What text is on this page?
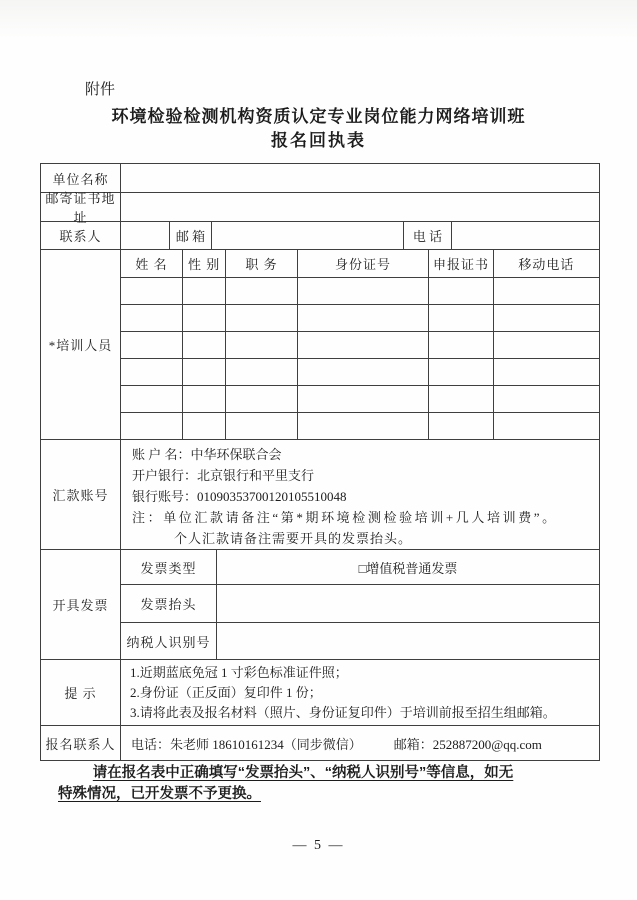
附件
环境检验检测机构资质认定专业岗位能力网络培训班
报名回执表
单位名称
邮寄证书地址
联系人	邮 箱	电 话
*培训人员
姓 名	性 别	职 务	身份证号	申报证书	移动电话
汇款账号
账 户 名：中华环保联合会
开户银行：北京银行和平里支行
银行账号：01090353700120105510048
注：单位汇款请备注“第*期环境检测检验培训+几人培训费”。
个人汇款请备注需要开具的发票抬头。
开具发票
发票类型	□增值税普通发票
发票抬头
纳税人识别号
提 示
1.近期蓝底免冠 1 寸彩色标准证件照；
2.身份证（正反面）复印件 1 份；
3.请将此表及报名材料（照片、身份证复印件）于培训前报至招生组邮箱。
报名联系人	电话：朱老师 18610161234（同步微信） 邮箱：252887200@qq.com
请在报名表中正确填写“发票抬头”、“纳税人识别号”等信息，如无
特殊情况，已开发票不予更换。
— 5 —
